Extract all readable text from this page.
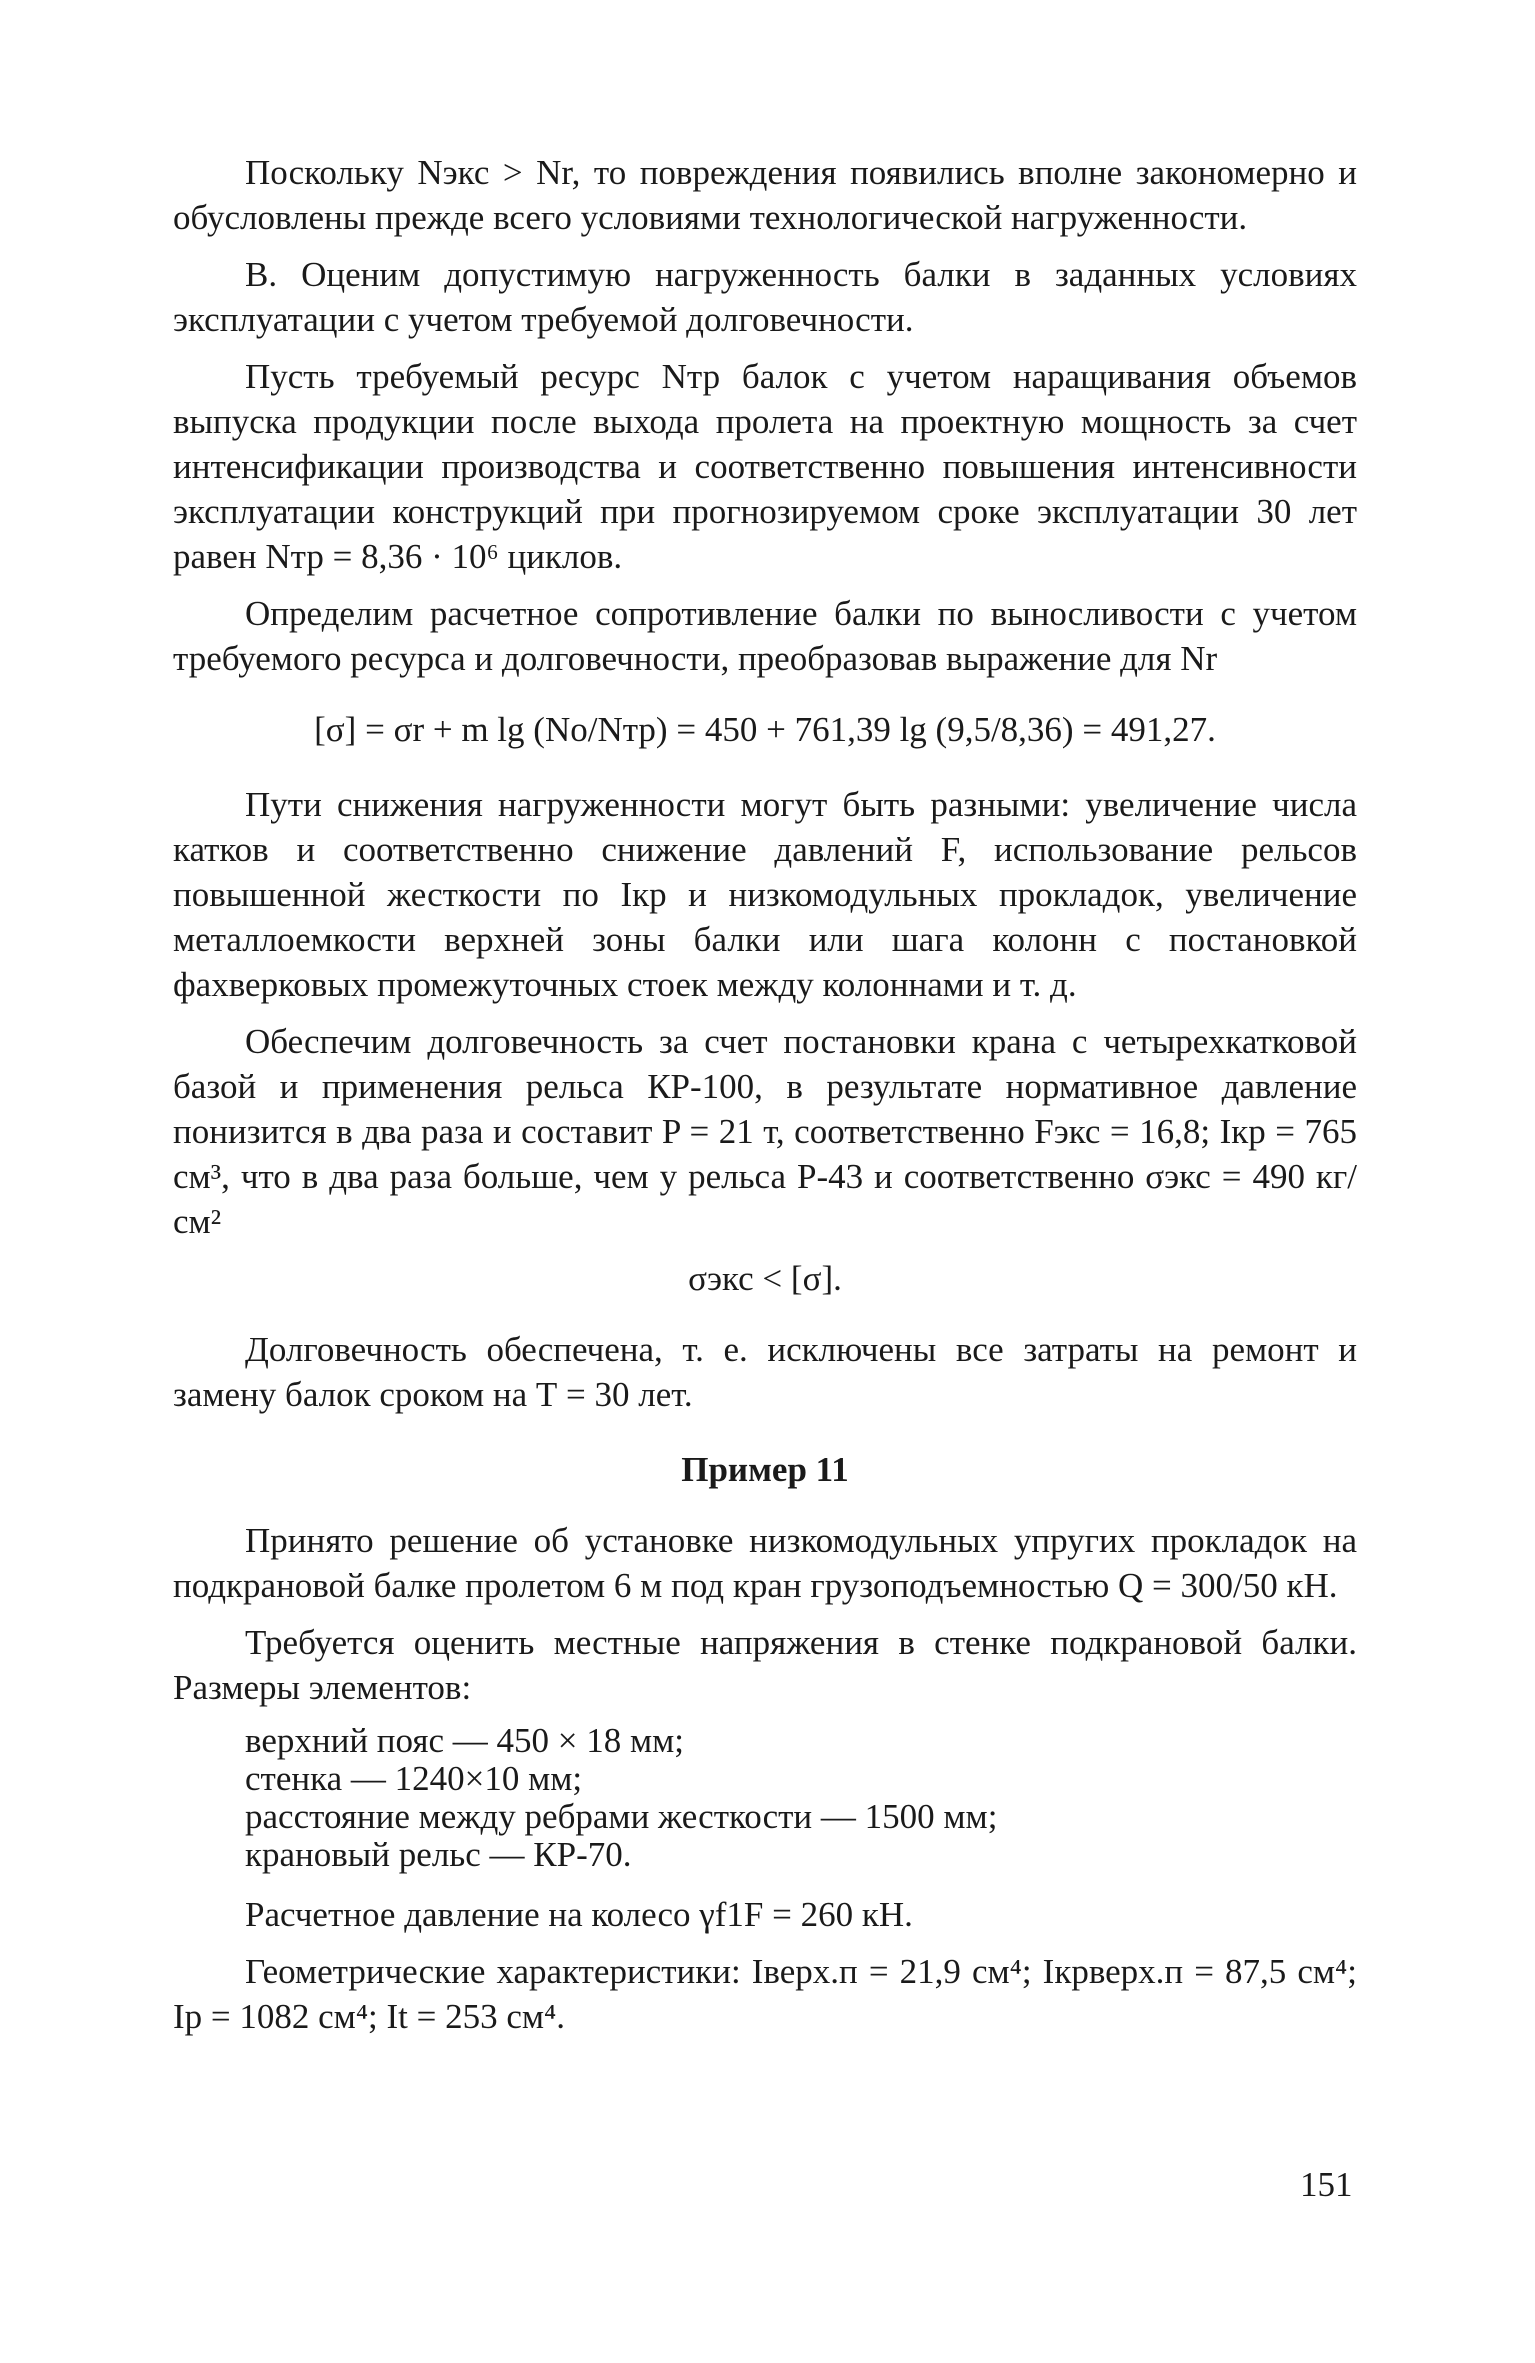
Поскольку Nэкс > Nr, то повреждения появились вполне закономерно и обусловлены прежде всего условиями технологической нагруженности.

В. Оценим допустимую нагруженность балки в заданных условиях эксплуатации с учетом требуемой долговечности.

Пусть требуемый ресурс Nтр балок с учетом наращивания объемов выпуска продукции после выхода пролета на проектную мощность за счет интенсификации производства и соответственно повышения интенсивности эксплуатации конструкций при прогнозируемом сроке эксплуатации 30 лет равен Nтр = 8,36 · 10⁶ циклов.

Определим расчетное сопротивление балки по выносливости с учетом требуемого ресурса и долговечности, преобразовав выражение для Nr

[σ] = σr + m lg (No/Nтр) = 450 + 761,39 lg (9,5/8,36) = 491,27.

Пути снижения нагруженности могут быть разными: увеличение числа катков и соответственно снижение давлений F, использование рельсов повышенной жесткости по Iкр и низкомодульных прокладок, увеличение металлоемкости верхней зоны балки или шага колонн с постановкой фахверковых промежуточных стоек между колоннами и т. д.

Обеспечим долговечность за счет постановки крана с четырехкатковой базой и применения рельса КР-100, в результате нормативное давление понизится в два раза и составит P = 21 т, соответственно Fэкс = 16,8; Iкр = 765 см³, что в два раза больше, чем у рельса Р-43 и соответственно σэкс = 490 кг/см²

σэкс < [σ].

Долговечность обеспечена, т. е. исключены все затраты на ремонт и замену балок сроком на Т = 30 лет.

Пример 11

Принято решение об установке низкомодульных упругих прокладок на подкрановой балке пролетом 6 м под кран грузоподъемностью Q = 300/50 кН.

Требуется оценить местные напряжения в стенке подкрановой балки. Размеры элементов:

верхний пояс — 450 × 18 мм;
стенка — 1240×10 мм;
расстояние между ребрами жесткости — 1500 мм;
крановый рельс — КР-70.

Расчетное давление на колесо γf1F = 260 кН.

Геометрические характеристики: Iверх.п = 21,9 см⁴; Iкрверх.п = 87,5 см⁴; Ip = 1082 см⁴; It = 253 см⁴.

151
